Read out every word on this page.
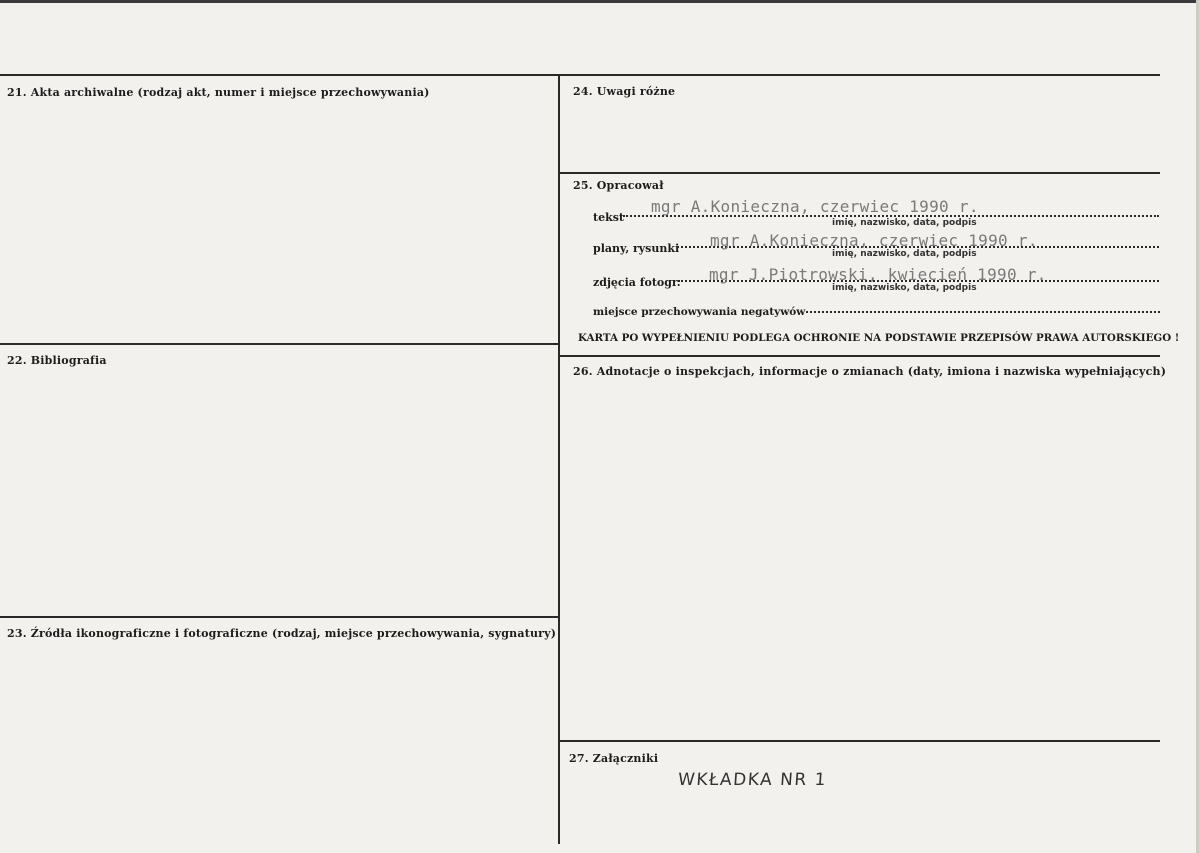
21. Akta archiwalne (rodzaj akt, numer i miejsce przechowywania)
22. Bibliografia
23. Źródła ikonograficzne i fotograficzne (rodzaj, miejsce przechowywania, sygnatury)
24. Uwagi różne
25. Opracował
tekst
mgr A.Konieczna, czerwiec 1990 r.
imię, nazwisko, data, podpis
plany, rysunki mgr A.Konieczna, czerwiec 1990 r.
imię, nazwisko, data, podpis
zdjęcia fotogr. mgr J.Piotrowski, kwiecień 1990 r.
imię, nazwisko, data, podpis
miejsce przechowywania negatywów
KARTA PO WYPEŁNIENIU PODLEGA OCHRONIE NA PODSTAWIE PRZEPISÓW PRAWA AUTORSKIEGO !
26. Adnotacje o inspekcjach, informacje o zmianach (daty, imiona i nazwiska wypełniających)
27. Załączniki
WKŁADKA NR 1
